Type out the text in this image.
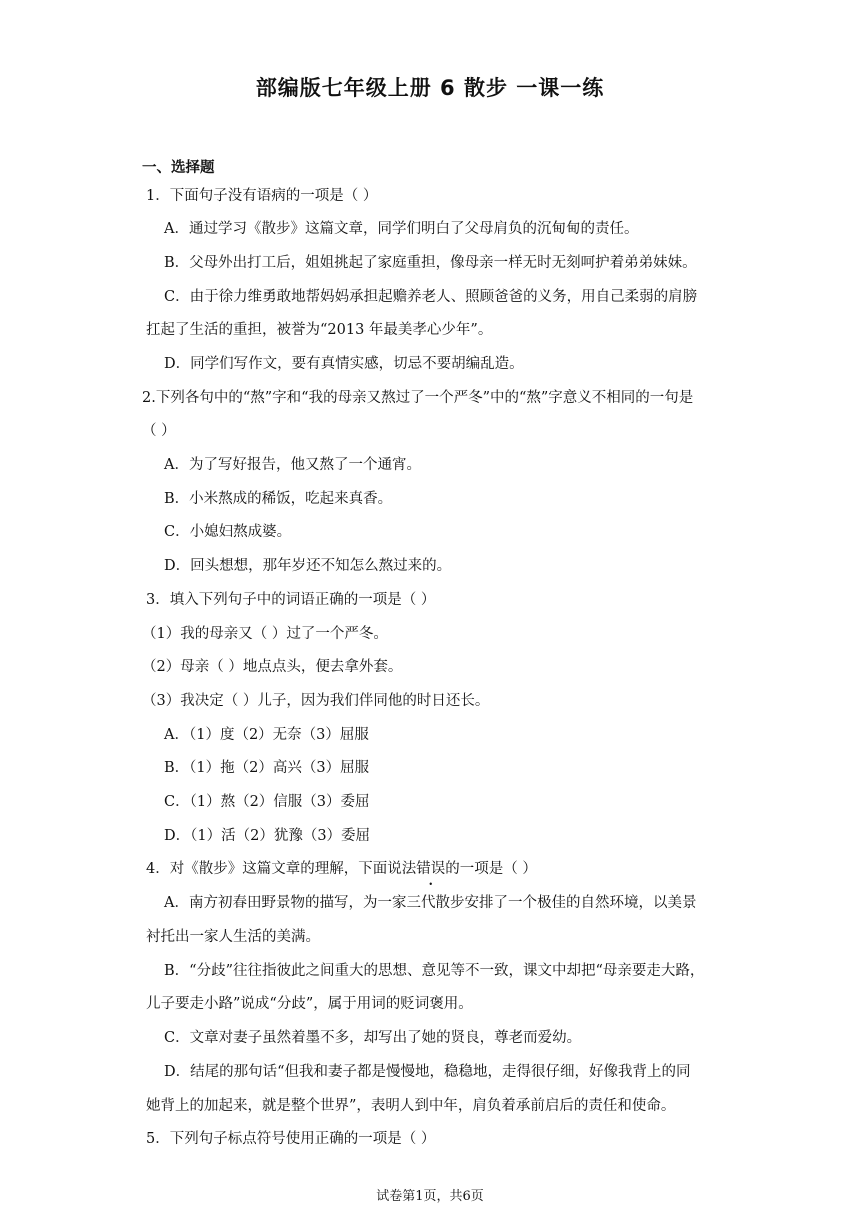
部编版七年级上册 6 散步 一课一练
一、选择题
1．下面句子没有语病的一项是（ ）
A．通过学习《散步》这篇文章，同学们明白了父母肩负的沉甸甸的责任。
B．父母外出打工后，姐姐挑起了家庭重担，像母亲一样无时无刻呵护着弟弟妹妹。
C．由于徐力维勇敢地帮妈妈承担起赡养老人、照顾爸爸的义务，用自己柔弱的肩膀
扛起了生活的重担，被誉为“2013 年最美孝心少年”。
D．同学们写作文，要有真情实感，切忌不要胡编乱造。
2.下列各句中的“熬”字和“我的母亲又熬过了一个严冬”中的“熬”字意义不相同的一句是
（ ）
A．为了写好报告，他又熬了一个通宵。
B．小米熬成的稀饭，吃起来真香。
C．小媳妇熬成婆。
D．回头想想，那年岁还不知怎么熬过来的。
3．填入下列句子中的词语正确的一项是（ ）
（1）我的母亲又（ ）过了一个严冬。
（2）母亲（ ）地点点头，便去拿外套。
（3）我决定（ ）儿子，因为我们伴同他的时日还长。
A．（1）度（2）无奈（3）屈服
B．（1）拖（2）高兴（3）屈服
C．（1）熬（2）信服（3）委屈
D．（1）活（2）犹豫（3）委屈
4．对《散步》这篇文章的理解，下面说法错误的一项是（ ）
A．南方初春田野景物的描写，为一家三代散步安排了一个极佳的自然环境，以美景
衬托出一家人生活的美满。
B．“分歧”往往指彼此之间重大的思想、意见等不一致，课文中却把“母亲要走大路，
儿子要走小路”说成“分歧”，属于用词的贬词褒用。
C．文章对妻子虽然着墨不多，却写出了她的贤良，尊老而爱幼。
D．结尾的那句话“但我和妻子都是慢慢地，稳稳地，走得很仔细，好像我背上的同
她背上的加起来，就是整个世界”，表明人到中年，肩负着承前启后的责任和使命。
5．下列句子标点符号使用正确的一项是（ ）
试卷第1页，共6页
